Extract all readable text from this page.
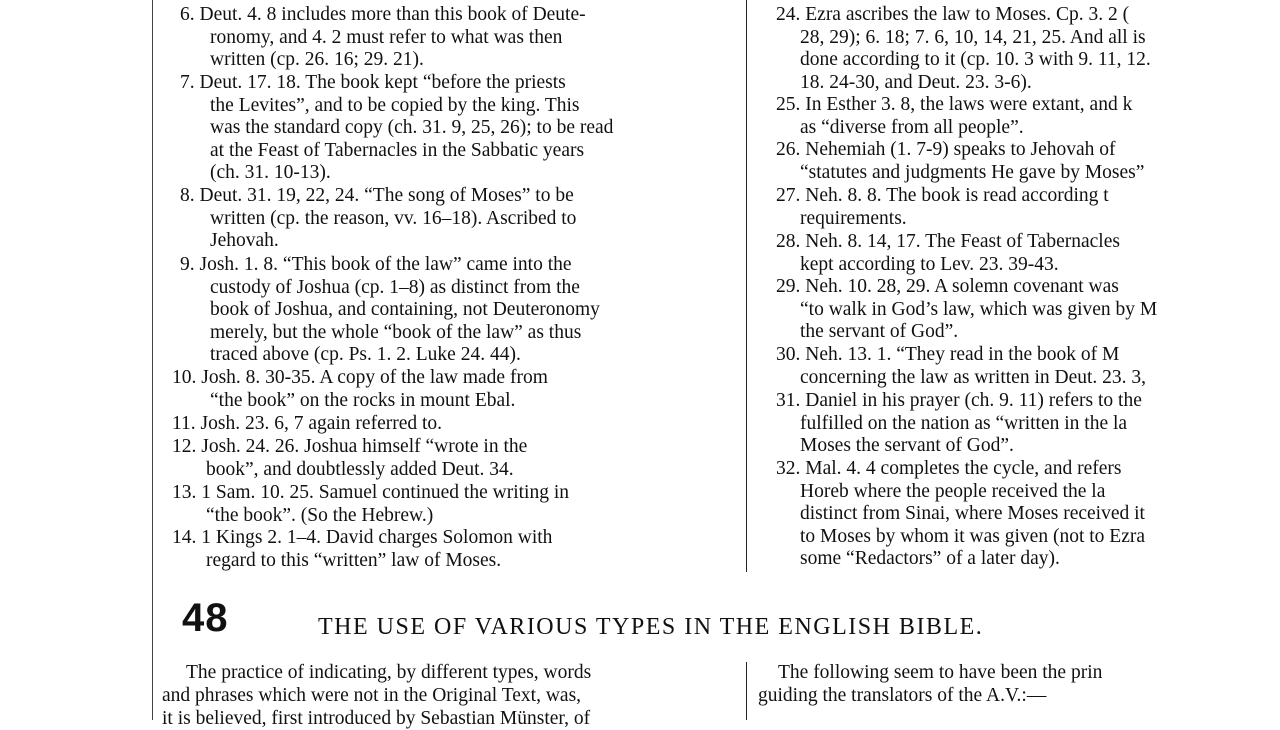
6. Deut. 4. 8 includes more than this book of Deute-
ronomy, and 4. 2 must refer to what was then
written (cp. 26. 16; 29. 21).
7. Deut. 17. 18. The book kept “before the priests
the Levites”, and to be copied by the king. This
was the standard copy (ch. 31. 9, 25, 26); to be read
at the Feast of Tabernacles in the Sabbatic years
(ch. 31. 10-13).
8. Deut. 31. 19, 22, 24. “The song of Moses” to be
written (cp. the reason, vv. 16–18). Ascribed to
Jehovah.
9. Josh. 1. 8. “This book of the law” came into the
custody of Joshua (cp. 1–8) as distinct from the
book of Joshua, and containing, not Deuteronomy
merely, but the whole “book of the law” as thus
traced above (cp. Ps. 1. 2. Luke 24. 44).
10. Josh. 8. 30-35. A copy of the law made from
“the book” on the rocks in mount Ebal.
11. Josh. 23. 6, 7 again referred to.
12. Josh. 24. 26. Joshua himself “wrote in the
book”, and doubtlessly added Deut. 34.
13. 1 Sam. 10. 25. Samuel continued the writing in
“the book”. (So the Hebrew.)
14. 1 Kings 2. 1–4. David charges Solomon with
regard to this “written” law of Moses.
24. Ezra ascribes the law to Moses. Cp. 3. 2 (
28, 29); 6. 18; 7. 6, 10, 14, 21, 25. And all is
done according to it (cp. 10. 3 with 9. 11, 12.
18. 24-30, and Deut. 23. 3-6).
25. In Esther 3. 8, the laws were extant, and k
as “diverse from all people”.
26. Nehemiah (1. 7-9) speaks to Jehovah of
“statutes and judgments He gave by Moses”
27. Neh. 8. 8. The book is read according t
requirements.
28. Neh. 8. 14, 17. The Feast of Tabernacles
kept according to Lev. 23. 39-43.
29. Neh. 10. 28, 29. A solemn covenant was
“to walk in God’s law, which was given by M
the servant of God”.
30. Neh. 13. 1. “They read in the book of M
concerning the law as written in Deut. 23. 3,
31. Daniel in his prayer (ch. 9. 11) refers to the
fulfilled on the nation as “written in the la
Moses the servant of God”.
32. Mal. 4. 4 completes the cycle, and refers
Horeb where the people received the la
distinct from Sinai, where Moses received it
to Moses by whom it was given (not to Ezra
some “Redactors” of a later day).
48	THE USE OF VARIOUS TYPES IN THE ENGLISH BIBLE.
The practice of indicating, by different types, words
and phrases which were not in the Original Text, was,
it is believed, first introduced by Sebastian Münster, of
The following seem to have been the prin
guiding the translators of the A.V.:—
